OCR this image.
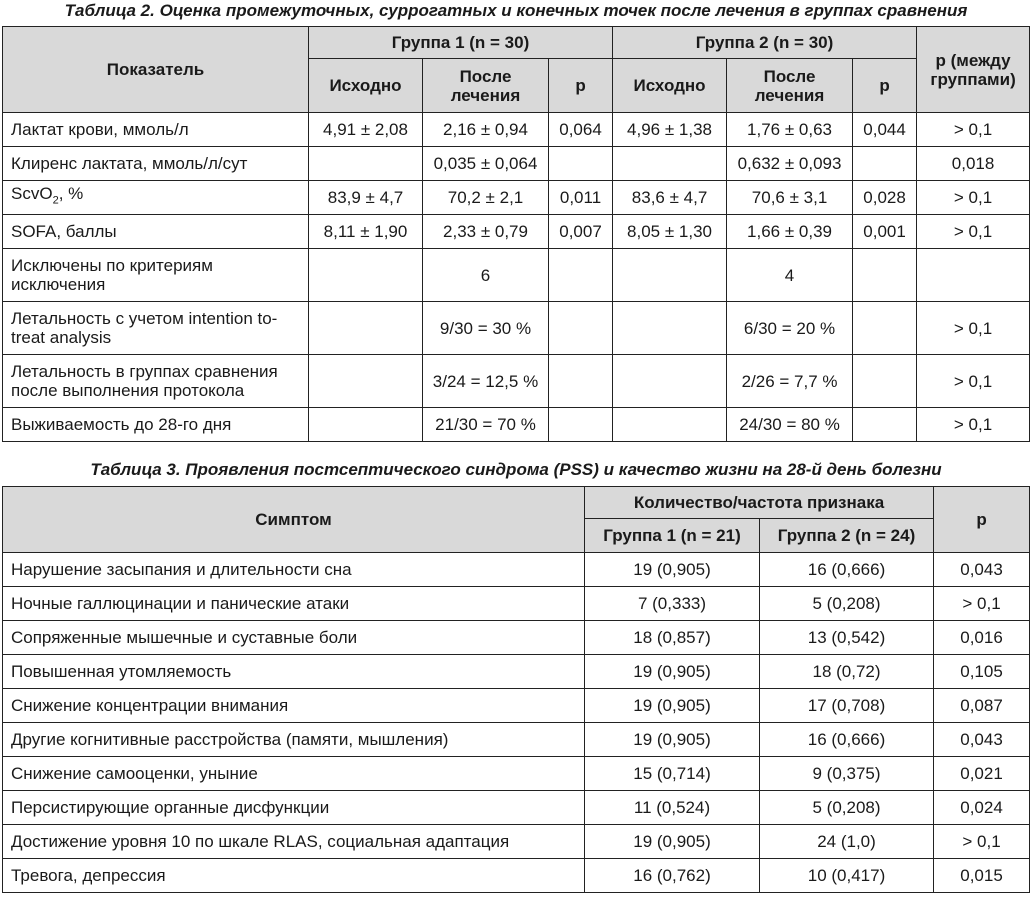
Таблица 2. Оценка промежуточных, суррогатных и конечных точек после лечения в группах сравнения
Показатель	Группа 1 (n = 30)			Группа 2 (n = 30)			р (между группами)
	Исходно	После лечения	р	Исходно	После лечения	р	
Лактат крови, ммоль/л	4,91 ± 2,08	2,16 ± 0,94	0,064	4,96 ± 1,38	1,76 ± 0,63	0,044	> 0,1
Клиренс лактата, ммоль/л/сут		0,035 ± 0,064			0,632 ± 0,093		0,018
ScvO$_2$, %	83,9 ± 4,7	70,2 ± 2,1	0,011	83,6 ± 4,7	70,6 ± 3,1	0,028	> 0,1
SOFA, баллы	8,11 ± 1,90	2,33 ± 0,79	0,007	8,05 ± 1,30	1,66 ± 0,39	0,001	> 0,1
Исключены по критериям исключения		6			4		
Летальность с учетом intention to-treat analysis		9/30 = 30 %			6/30 = 20 %		> 0,1
Летальность в группах сравнения после выполнения протокола		3/24 = 12,5 %			2/26 = 7,7 %		> 0,1
Выживаемость до 28-го дня		21/30 = 70 %			24/30 = 80 %		> 0,1
Таблица 3. Проявления постсептического синдрома (PSS) и качество жизни на 28-й день болезни
Симптом	Количество/частота признака		р
	Группа 1 (n = 21)	Группа 2 (n = 24)	
Нарушение засыпания и длительности сна	19 (0,905)	16 (0,666)	0,043
Ночные галлюцинации и панические атаки	7 (0,333)	5 (0,208)	> 0,1
Сопряженные мышечные и суставные боли	18 (0,857)	13 (0,542)	0,016
Повышенная утомляемость	19 (0,905)	18 (0,72)	0,105
Снижение концентрации внимания	19 (0,905)	17 (0,708)	0,087
Другие когнитивные расстройства (памяти, мышления)	19 (0,905)	16 (0,666)	0,043
Снижение самооценки, уныние	15 (0,714)	9 (0,375)	0,021
Персистирующие органные дисфункции	11 (0,524)	5 (0,208)	0,024
Достижение уровня 10 по шкале RLAS, социальная адаптация	19 (0,905)	24 (1,0)	> 0,1
Тревога, депрессия	16 (0,762)	10 (0,417)	0,015
